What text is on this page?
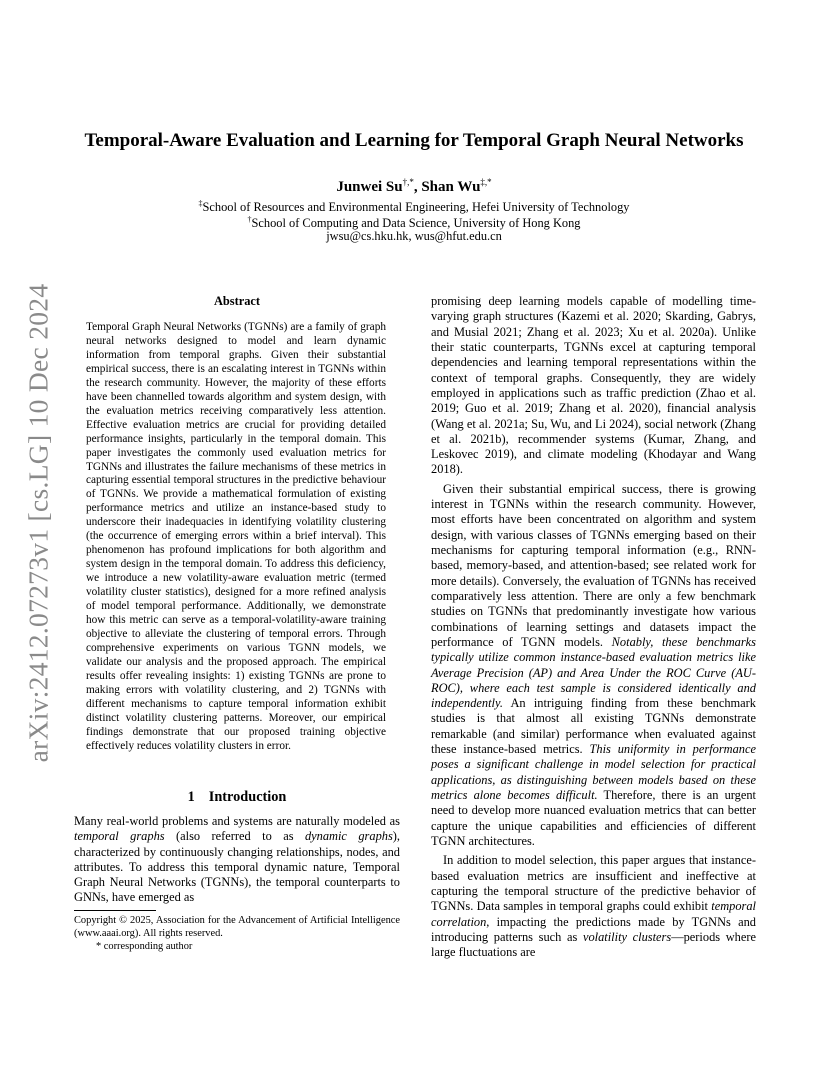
arXiv:2412.07273v1 [cs.LG] 10 Dec 2024
Temporal-Aware Evaluation and Learning for Temporal Graph Neural Networks
Junwei Su†,*, Shan Wu‡,*
‡School of Resources and Environmental Engineering, Hefei University of Technology
†School of Computing and Data Science, University of Hong Kong
jwsu@cs.hku.hk, wus@hfut.edu.cn
Abstract
Temporal Graph Neural Networks (TGNNs) are a family of graph neural networks designed to model and learn dynamic information from temporal graphs. Given their substantial empirical success, there is an escalating interest in TGNNs within the research community. However, the majority of these efforts have been channelled towards algorithm and system design, with the evaluation metrics receiving comparatively less attention. Effective evaluation metrics are crucial for providing detailed performance insights, particularly in the temporal domain. This paper investigates the commonly used evaluation metrics for TGNNs and illustrates the failure mechanisms of these metrics in capturing essential temporal structures in the predictive behaviour of TGNNs. We provide a mathematical formulation of existing performance metrics and utilize an instance-based study to underscore their inadequacies in identifying volatility clustering (the occurrence of emerging errors within a brief interval). This phenomenon has profound implications for both algorithm and system design in the temporal domain. To address this deficiency, we introduce a new volatility-aware evaluation metric (termed volatility cluster statistics), designed for a more refined analysis of model temporal performance. Additionally, we demonstrate how this metric can serve as a temporal-volatility-aware training objective to alleviate the clustering of temporal errors. Through comprehensive experiments on various TGNN models, we validate our analysis and the proposed approach. The empirical results offer revealing insights: 1) existing TGNNs are prone to making errors with volatility clustering, and 2) TGNNs with different mechanisms to capture temporal information exhibit distinct volatility clustering patterns. Moreover, our empirical findings demonstrate that our proposed training objective effectively reduces volatility clusters in error.
1 Introduction
Many real-world problems and systems are naturally modeled as temporal graphs (also referred to as dynamic graphs), characterized by continuously changing relationships, nodes, and attributes. To address this temporal dynamic nature, Temporal Graph Neural Networks (TGNNs), the temporal counterparts to GNNs, have emerged as
Copyright © 2025, Association for the Advancement of Artificial Intelligence (www.aaai.org). All rights reserved.
* corresponding author

promising deep learning models capable of modelling time-varying graph structures (Kazemi et al. 2020; Skarding, Gabrys, and Musial 2021; Zhang et al. 2023; Xu et al. 2020a). Unlike their static counterparts, TGNNs excel at capturing temporal dependencies and learning temporal representations within the context of temporal graphs. Consequently, they are widely employed in applications such as traffic prediction (Zhao et al. 2019; Guo et al. 2019; Zhang et al. 2020), financial analysis (Wang et al. 2021a; Su, Wu, and Li 2024), social network (Zhang et al. 2021b), recommender systems (Kumar, Zhang, and Leskovec 2019), and climate modeling (Khodayar and Wang 2018).

Given their substantial empirical success, there is growing interest in TGNNs within the research community. However, most efforts have been concentrated on algorithm and system design, with various classes of TGNNs emerging based on their mechanisms for capturing temporal information (e.g., RNN-based, memory-based, and attention-based; see related work for more details). Conversely, the evaluation of TGNNs has received comparatively less attention. There are only a few benchmark studies on TGNNs that predominantly investigate how various combinations of learning settings and datasets impact the performance of TGNN models. Notably, these benchmarks typically utilize common instance-based evaluation metrics like Average Precision (AP) and Area Under the ROC Curve (AU-ROC), where each test sample is considered identically and independently. An intriguing finding from these benchmark studies is that almost all existing TGNNs demonstrate remarkable (and similar) performance when evaluated against these instance-based metrics. This uniformity in performance poses a significant challenge in model selection for practical applications, as distinguishing between models based on these metrics alone becomes difficult. Therefore, there is an urgent need to develop more nuanced evaluation metrics that can better capture the unique capabilities and efficiencies of different TGNN architectures.

In addition to model selection, this paper argues that instance-based evaluation metrics are insufficient and ineffective at capturing the temporal structure of the predictive behavior of TGNNs. Data samples in temporal graphs could exhibit temporal correlation, impacting the predictions made by TGNNs and introducing patterns such as volatility clusters—periods where large fluctuations are
